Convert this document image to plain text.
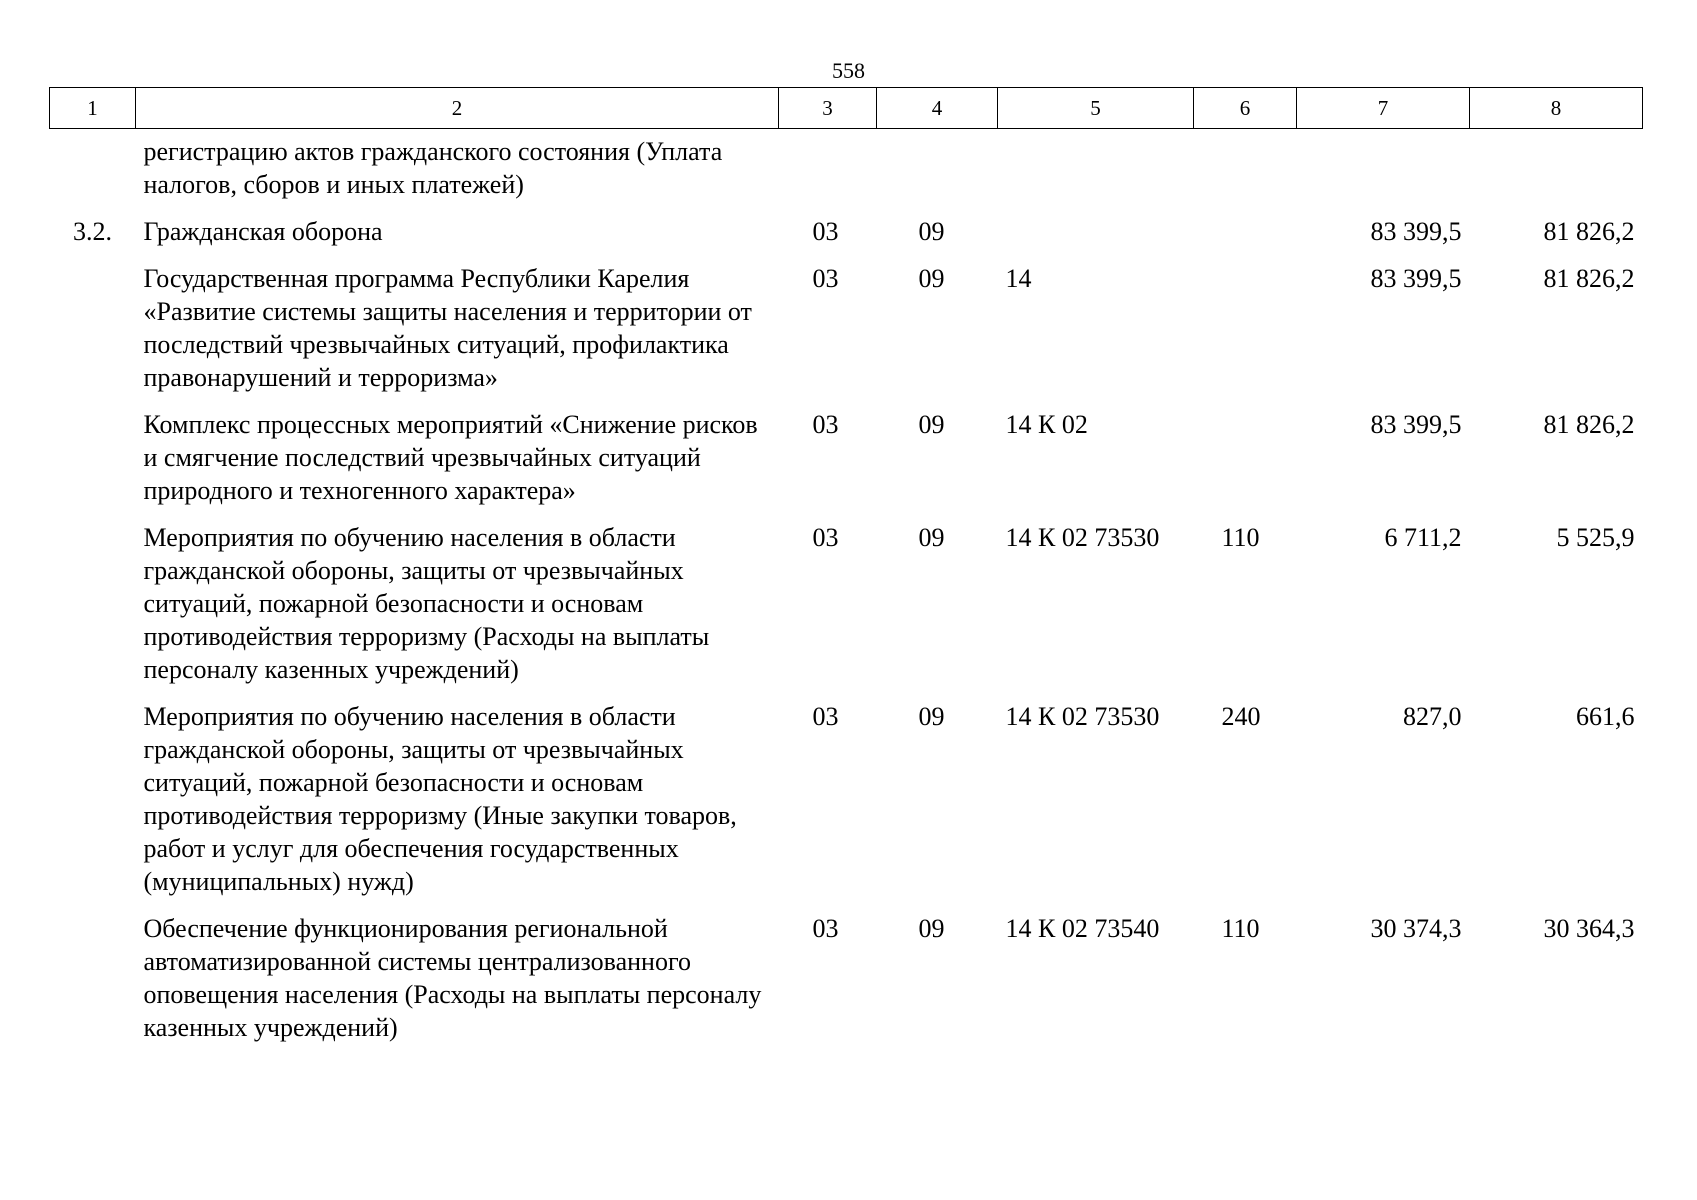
558
1	2	3	4	5	6	7	8
	регистрацию актов гражданского состояния (Уплата налогов, сборов и иных платежей)						
3.2.	Гражданская оборона	03	09			83 399,5	81 826,2
	Государственная программа Республики Карелия «Развитие системы защиты населения и территории от последствий чрезвычайных ситуаций, профилактика правонарушений и терроризма»	03	09	14		83 399,5	81 826,2
	Комплекс процессных мероприятий «Снижение рисков и смягчение последствий чрезвычайных ситуаций природного и техногенного характера»	03	09	14 К 02		83 399,5	81 826,2
	Мероприятия по обучению населения в области гражданской обороны, защиты от чрезвычайных ситуаций, пожарной безопасности и основам противодействия терроризму (Расходы на выплаты персоналу казенных учреждений)	03	09	14 К 02 73530	110	6 711,2	5 525,9
	Мероприятия по обучению населения в области гражданской обороны, защиты от чрезвычайных ситуаций, пожарной безопасности и основам противодействия терроризму (Иные закупки товаров, работ и услуг для обеспечения государственных (муниципальных) нужд)	03	09	14 К 02 73530	240	827,0	661,6
	Обеспечение функционирования региональной автоматизированной системы централизованного оповещения населения (Расходы на выплаты персоналу казенных учреждений)	03	09	14 К 02 73540	110	30 374,3	30 364,3
